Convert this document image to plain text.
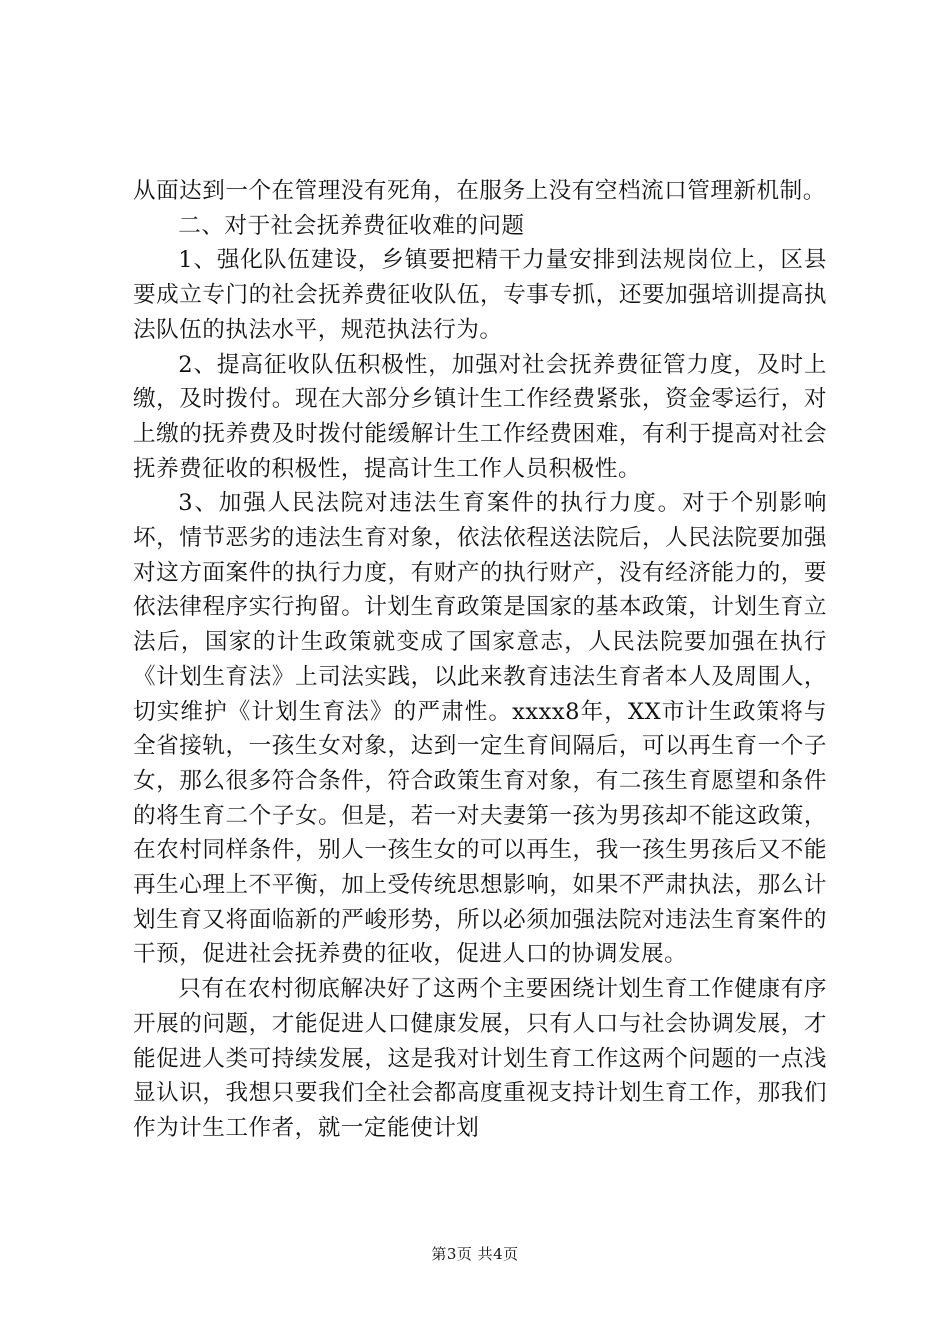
从面达到一个在管理没有死角，在服务上没有空档流口管理新机制。

二、对于社会抚养费征收难的问题

1、强化队伍建设，乡镇要把精干力量安排到法规岗位上，区县要成立专门的社会抚养费征收队伍，专事专抓，还要加强培训提高执法队伍的执法水平，规范执法行为。

2、提高征收队伍积极性，加强对社会抚养费征管力度，及时上缴，及时拨付。现在大部分乡镇计生工作经费紧张，资金零运行，对上缴的抚养费及时拨付能缓解计生工作经费困难，有利于提高对社会抚养费征收的积极性，提高计生工作人员积极性。

3、加强人民法院对违法生育案件的执行力度。对于个别影响坏，情节恶劣的违法生育对象，依法依程送法院后，人民法院要加强对这方面案件的执行力度，有财产的执行财产，没有经济能力的，要依法律程序实行拘留。计划生育政策是国家的基本政策，计划生育立法后，国家的计生政策就变成了国家意志，人民法院要加强在执行《计划生育法》上司法实践，以此来教育违法生育者本人及周围人，切实维护《计划生育法》的严肃性。xxxx8年，XX市计生政策将与全省接轨，一孩生女对象，达到一定生育间隔后，可以再生育一个子女，那么很多符合条件，符合政策生育对象，有二孩生育愿望和条件的将生育二个子女。但是，若一对夫妻第一孩为男孩却不能这政策，在农村同样条件，别人一孩生女的可以再生，我一孩生男孩后又不能再生心理上不平衡，加上受传统思想影响，如果不严肃执法，那么计划生育又将面临新的严峻形势，所以必须加强法院对违法生育案件的干预，促进社会抚养费的征收，促进人口的协调发展。

只有在农村彻底解决好了这两个主要困绕计划生育工作健康有序开展的问题，才能促进人口健康发展，只有人口与社会协调发展，才能促进人类可持续发展，这是我对计划生育工作这两个问题的一点浅显认识，我想只要我们全社会都高度重视支持计划生育工作，那我们作为计生工作者，就一定能使计划

第3页 共4页
